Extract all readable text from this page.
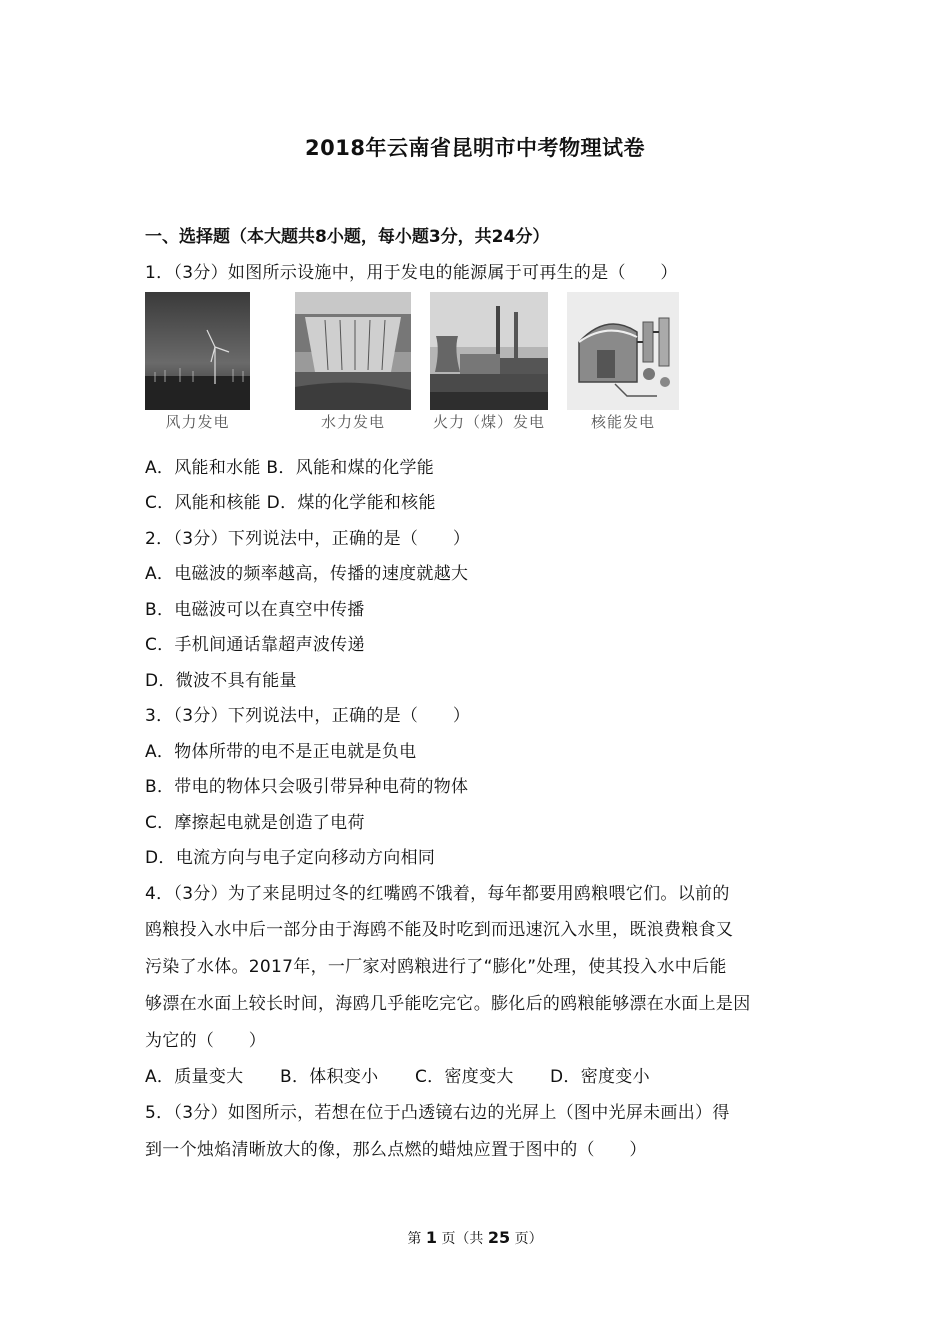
2018年云南省昆明市中考物理试卷
一、选择题（本大题共8小题，每小题3分，共24分）
1．（3分）如图所示设施中，用于发电的能源属于可再生的是（　　）
风力发电	水力发电	火力（煤）发电	核能发电
A．风能和水能 B．风能和煤的化学能
C．风能和核能 D．煤的化学能和核能
2．（3分）下列说法中，正确的是（　　）
A．电磁波的频率越高，传播的速度就越大
B．电磁波可以在真空中传播
C．手机间通话靠超声波传递
D．微波不具有能量
3．（3分）下列说法中，正确的是（　　）
A．物体所带的电不是正电就是负电
B．带电的物体只会吸引带异种电荷的物体
C．摩擦起电就是创造了电荷
D．电流方向与电子定向移动方向相同
4．（3分）为了来昆明过冬的红嘴鸥不饿着，每年都要用鸥粮喂它们。以前的
鸥粮投入水中后一部分由于海鸥不能及时吃到而迅速沉入水里，既浪费粮食又
污染了水体。2017年，一厂家对鸥粮进行了“膨化”处理，使其投入水中后能
够漂在水面上较长时间，海鸥几乎能吃完它。膨化后的鸥粮能够漂在水面上是因
为它的（　　）
A．质量变大 B．体积变小 C．密度变大 D．密度变小
5．（3分）如图所示，若想在位于凸透镜右边的光屏上（图中光屏未画出）得
到一个烛焰清晰放大的像，那么点燃的蜡烛应置于图中的（　　）
第 1 页（共 25 页）
